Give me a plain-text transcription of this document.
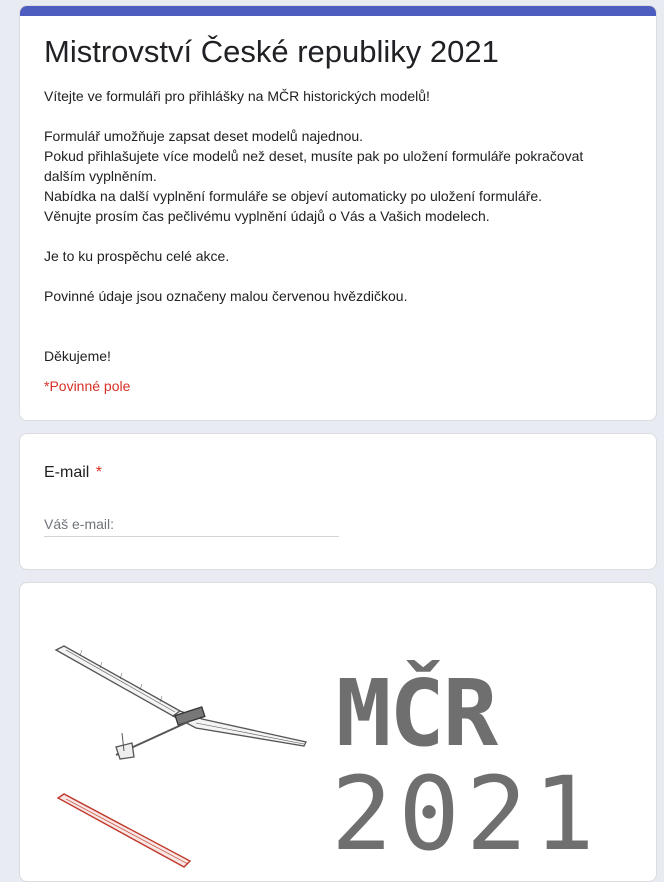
Mistrovství České republiky 2021
Vítejte ve formuláři pro přihlášky na MČR historických modelů!
Formulář umožňuje zapsat deset modelů najednou.
Pokud přihlašujete více modelů než deset, musíte pak po uložení formuláře pokračovat
dalším vyplněním.
Nabídka na další vyplnění formuláře se objeví automaticky po uložení formuláře.
Věnujte prosím čas pečlivému vyplnění údajů o Vás a Vašich modelech.
Je to ku prospěchu celé akce.
Povinné údaje jsou označeny malou červenou hvězdičkou.
Děkujeme!
*Povinné pole
E-mail *
Váš e-mail:
MČR
2021
